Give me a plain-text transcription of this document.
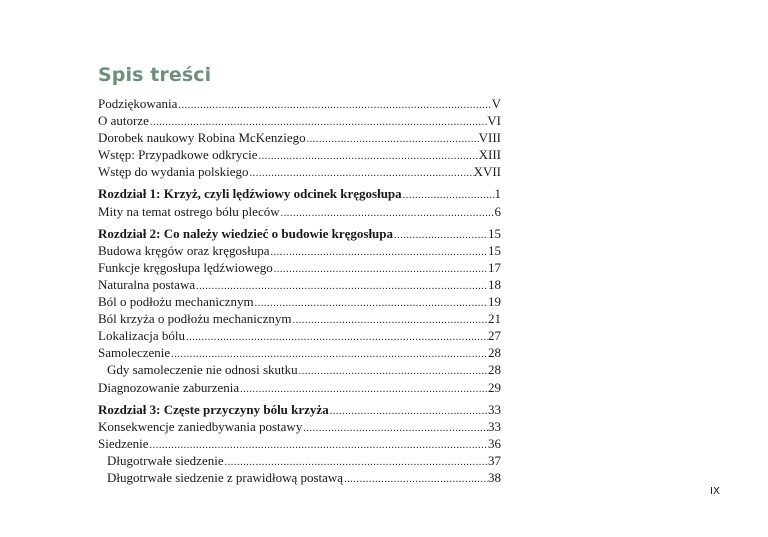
Spis treści
Podziękowania .....	V
O autorze .....	VI
Dorobek naukowy Robina McKenziego .....	VIII
Wstęp: Przypadkowe odkrycie .....	XIII
Wstęp do wydania polskiego .....	XVII
Rozdział 1: Krzyż, czyli lędźwiowy odcinek kręgosłupa .....	1
Mity na temat ostrego bólu pleców .....	6
Rozdział 2: Co należy wiedzieć o budowie kręgosłupa .....	15
Budowa kręgów oraz kręgosłupa .....	15
Funkcje kręgosłupa lędźwiowego .....	17
Naturalna postawa .....	18
Ból o podłożu mechanicznym .....	19
Ból krzyża o podłożu mechanicznym .....	21
Lokalizacja bólu .....	27
Samoleczenie .....	28
Gdy samoleczenie nie odnosi skutku .....	28
Diagnozowanie zaburzenia .....	29
Rozdział 3: Częste przyczyny bólu krzyża .....	33
Konsekwencje zaniedbywania postawy .....	33
Siedzenie .....	36
Długotrwałe siedzenie .....	37
Długotrwałe siedzenie z prawidłową postawą .....	38
IX
